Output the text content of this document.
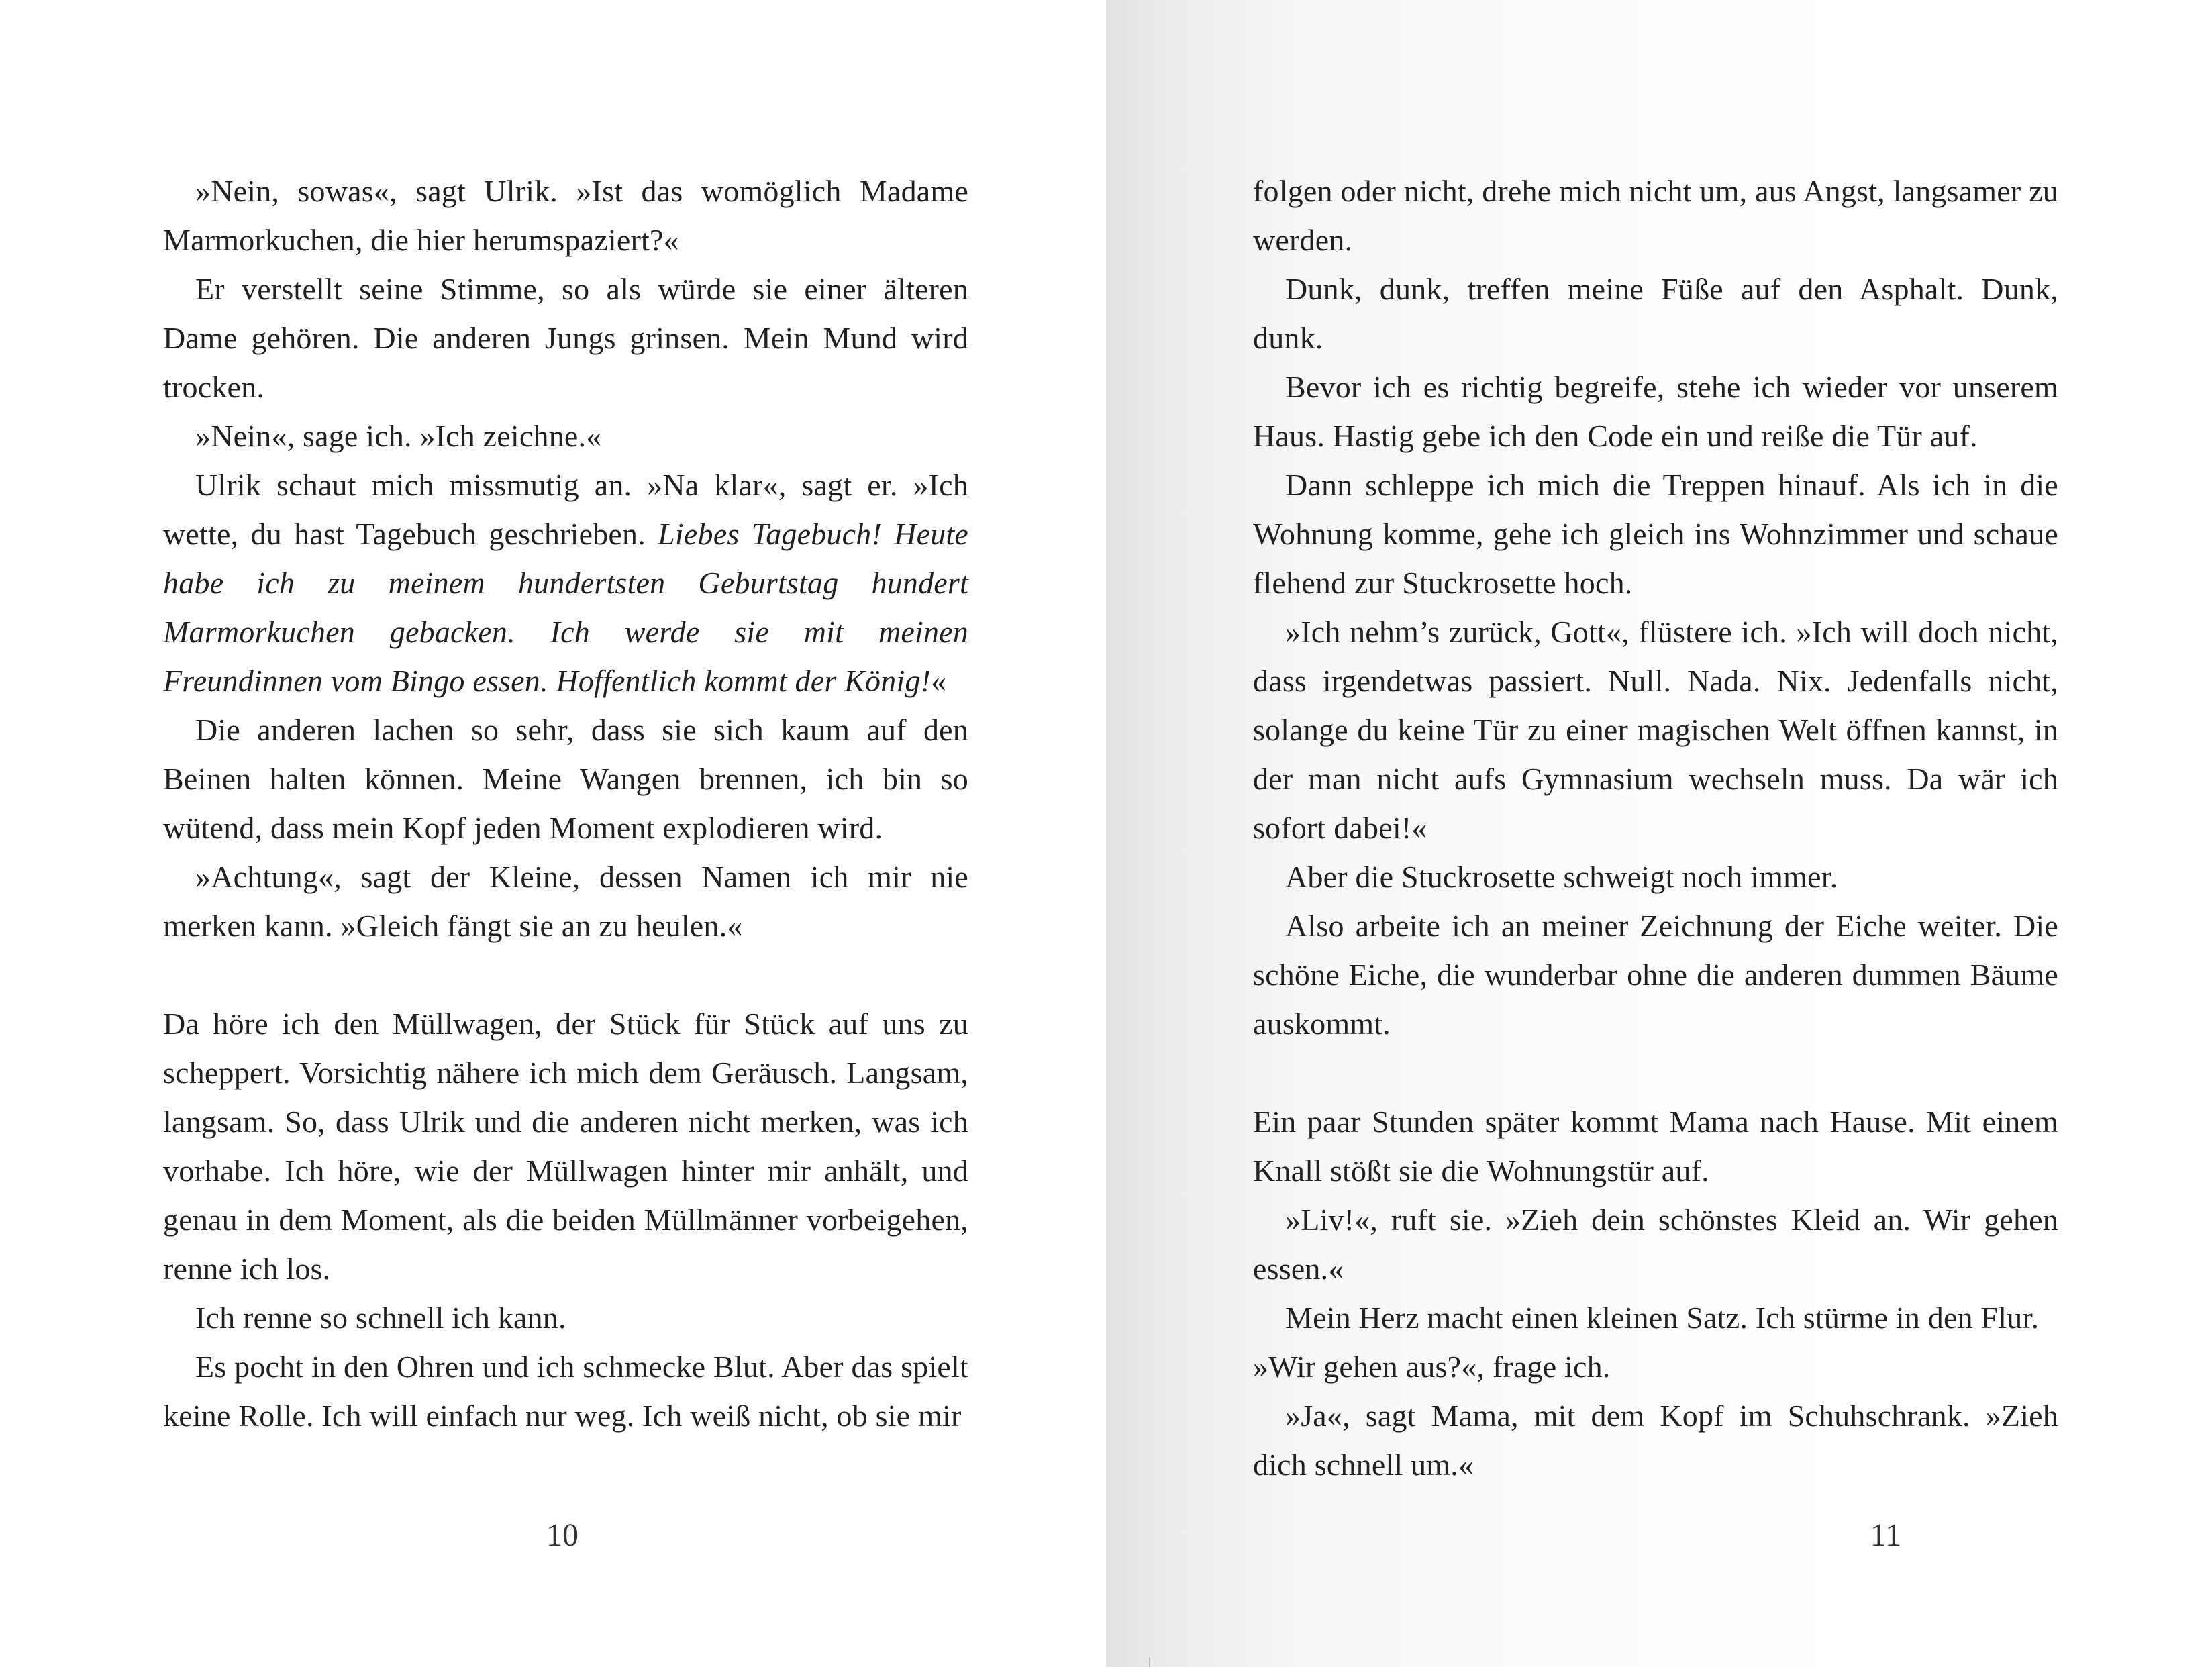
»Nein, sowas«, sagt Ulrik. »Ist das womöglich Madame Marmorkuchen, die hier herumspaziert?«

Er verstellt seine Stimme, so als würde sie einer älteren Dame gehören. Die anderen Jungs grinsen. Mein Mund wird trocken.

»Nein«, sage ich. »Ich zeichne.«

Ulrik schaut mich missmutig an. »Na klar«, sagt er. »Ich wette, du hast Tagebuch geschrieben. Liebes Tagebuch! Heute habe ich zu meinem hundertsten Geburtstag hundert Marmorkuchen gebacken. Ich werde sie mit meinen Freundinnen vom Bingo essen. Hoffentlich kommt der König!«

Die anderen lachen so sehr, dass sie sich kaum auf den Beinen halten können. Meine Wangen brennen, ich bin so wütend, dass mein Kopf jeden Moment explodieren wird.

»Achtung«, sagt der Kleine, dessen Namen ich mir nie merken kann. »Gleich fängt sie an zu heulen.«

Da höre ich den Müllwagen, der Stück für Stück auf uns zu scheppert. Vorsichtig nähere ich mich dem Geräusch. Langsam, langsam. So, dass Ulrik und die anderen nicht merken, was ich vorhabe. Ich höre, wie der Müllwagen hinter mir anhält, und genau in dem Moment, als die beiden Müllmänner vorbeigehen, renne ich los.

Ich renne so schnell ich kann.

Es pocht in den Ohren und ich schmecke Blut. Aber das spielt keine Rolle. Ich will einfach nur weg. Ich weiß nicht, ob sie mir

10

folgen oder nicht, drehe mich nicht um, aus Angst, langsamer zu werden.

Dunk, dunk, treffen meine Füße auf den Asphalt. Dunk, dunk.

Bevor ich es richtig begreife, stehe ich wieder vor unserem Haus. Hastig gebe ich den Code ein und reiße die Tür auf.

Dann schleppe ich mich die Treppen hinauf. Als ich in die Wohnung komme, gehe ich gleich ins Wohnzimmer und schaue flehend zur Stuckrosette hoch.

»Ich nehm’s zurück, Gott«, flüstere ich. »Ich will doch nicht, dass irgendetwas passiert. Null. Nada. Nix. Jedenfalls nicht, solange du keine Tür zu einer magischen Welt öffnen kannst, in der man nicht aufs Gymnasium wechseln muss. Da wär ich sofort dabei!«

Aber die Stuckrosette schweigt noch immer.

Also arbeite ich an meiner Zeichnung der Eiche weiter. Die schöne Eiche, die wunderbar ohne die anderen dummen Bäume auskommt.

Ein paar Stunden später kommt Mama nach Hause. Mit einem Knall stößt sie die Wohnungstür auf.

»Liv!«, ruft sie. »Zieh dein schönstes Kleid an. Wir gehen essen.«

Mein Herz macht einen kleinen Satz. Ich stürme in den Flur.

»Wir gehen aus?«, frage ich.

»Ja«, sagt Mama, mit dem Kopf im Schuhschrank. »Zieh dich schnell um.«

11
